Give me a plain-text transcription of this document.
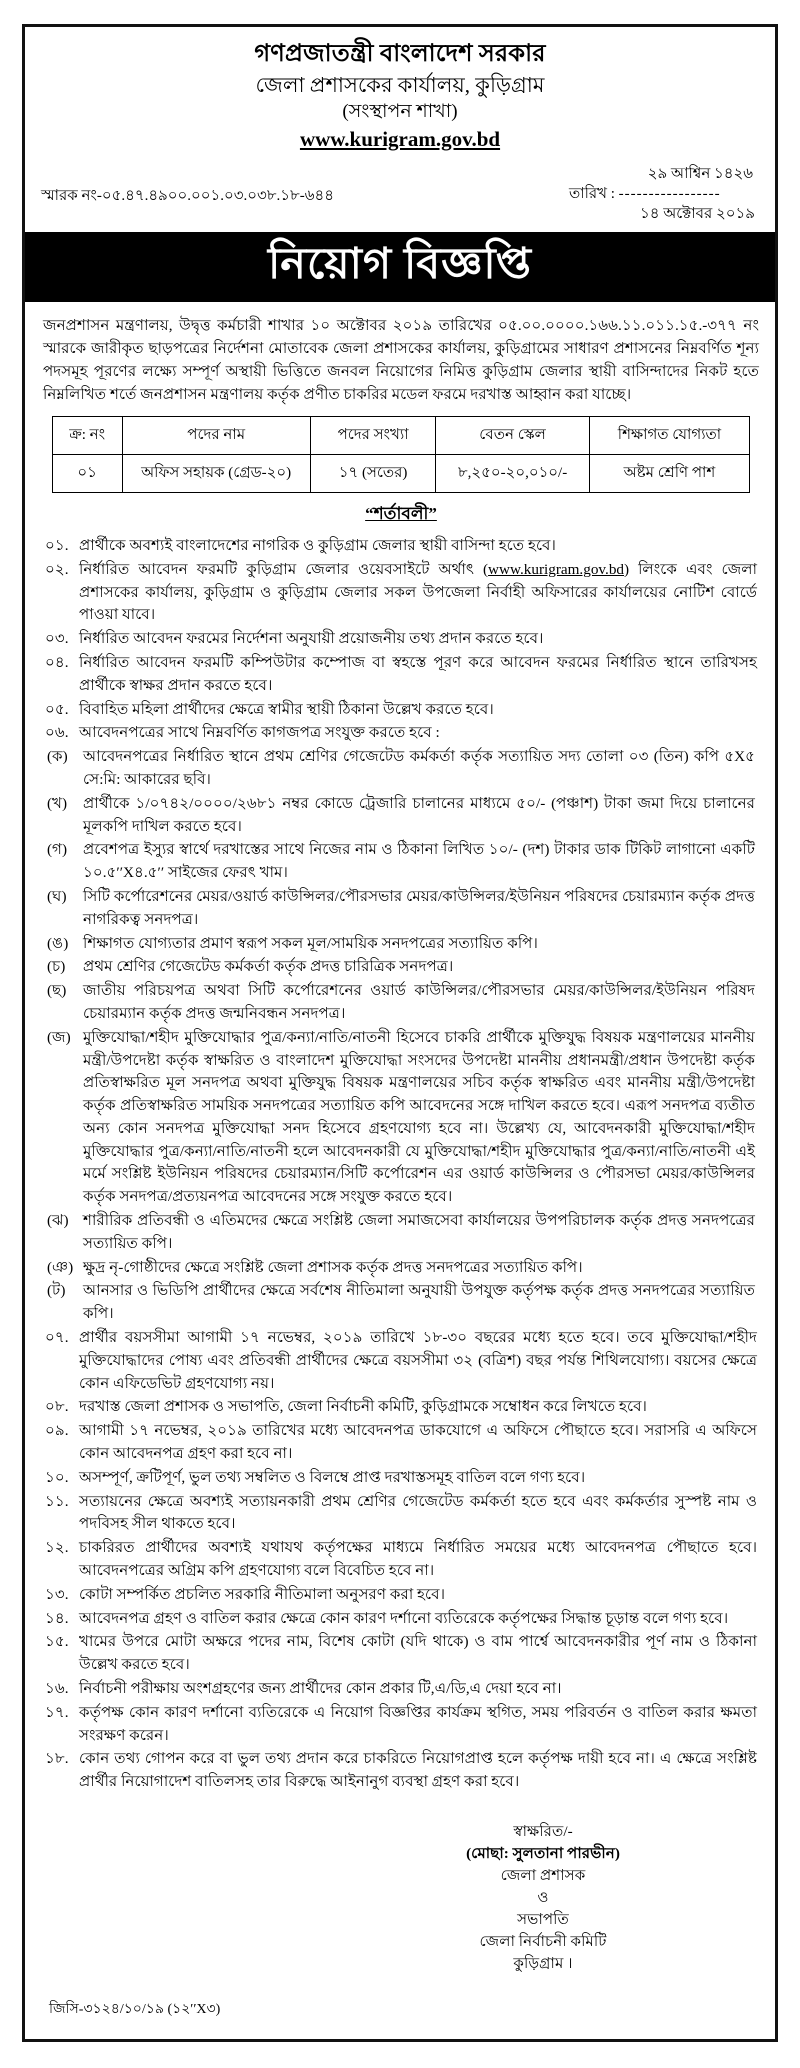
গণপ্রজাতন্ত্রী বাংলাদেশ সরকার
জেলা প্রশাসকের কার্যালয়, কুড়িগ্রাম
(সংস্থাপন শাখা)
www.kurigram.gov.bd
স্মারক নং-০৫.৪৭.৪৯০০.০০১.০৩.০৩৮.১৮-৬৪৪
২৯ আশ্বিন ১৪২৬
তারিখ : -----------------
১৪ অক্টোবর ২০১৯
নিয়োগ বিজ্ঞপ্তি

জনপ্রশাসন মন্ত্রণালয়, উদ্বৃত্ত কর্মচারী শাখার ১০ অক্টোবর ২০১৯ তারিখের ০৫.০০.০০০০.১৬৬.১১.০১১.১৫.-৩৭৭ নং স্মারকে জারীকৃত ছাড়পত্রের নির্দেশনা মোতাবেক জেলা প্রশাসকের কার্যালয়, কুড়িগ্রামের সাধারণ প্রশাসনের নিম্নবর্ণিত শূন্য পদসমূহ পূরণের লক্ষ্যে সম্পূর্ণ অস্থায়ী ভিত্তিতে জনবল নিয়োগের নিমিত্ত কুড়িগ্রাম জেলার স্থায়ী বাসিন্দাদের নিকট হতে নিম্নলিখিত শর্তে জনপ্রশাসন মন্ত্রণালয় কর্তৃক প্রণীত চাকরির মডেল ফরমে দরখাস্ত আহ্বান করা যাচ্ছে।

ক্র: নং	পদের নাম	পদের সংখ্যা	বেতন স্কেল	শিক্ষাগত যোগ্যতা
০১	অফিস সহায়ক (গ্রেড-২০)	১৭ (সতের)	৮,২৫০-২০,০১০/-	অষ্টম শ্রেণি পাশ
“শর্তাবলী”
০১. প্রার্থীকে অবশ্যই বাংলাদেশের নাগরিক ও কুড়িগ্রাম জেলার স্থায়ী বাসিন্দা হতে হবে।
০২. নির্ধারিত আবেদন ফরমটি কুড়িগ্রাম জেলার ওয়েবসাইটে অর্থাৎ (www.kurigram.gov.bd) লিংকে এবং জেলা প্রশাসকের কার্যালয়, কুড়িগ্রাম ও কুড়িগ্রাম জেলার সকল উপজেলা নির্বাহী অফিসারের কার্যালয়ের নোটিশ বোর্ডে পাওয়া যাবে।
০৩. নির্ধারিত আবেদন ফরমের নির্দেশনা অনুযায়ী প্রয়োজনীয় তথ্য প্রদান করতে হবে।
০৪. নির্ধারিত আবেদন ফরমটি কম্পিউটার কম্পোজ বা স্বহস্তে পূরণ করে আবেদন ফরমের নির্ধারিত স্থানে তারিখসহ প্রার্থীকে স্বাক্ষর প্রদান করতে হবে।
০৫. বিবাহিত মহিলা প্রার্থীদের ক্ষেত্রে স্বামীর স্থায়ী ঠিকানা উল্লেখ করতে হবে।
০৬. আবেদনপত্রের সাথে নিম্নবর্ণিত কাগজপত্র সংযুক্ত করতে হবে :
(ক)	আবেদনপত্রের নির্ধারিত স্থানে প্রথম শ্রেণির গেজেটেড কর্মকর্তা কর্তৃক সত্যায়িত সদ্য তোলা ০৩ (তিন) কপি ৫X৫ সে:মি: আকারের ছবি।
(খ)	প্রার্থীকে ১/০৭৪২/০০০০/২৬৮১ নম্বর কোডে ট্রেজারি চালানের মাধ্যমে ৫০/- (পঞ্চাশ) টাকা জমা দিয়ে চালানের মূলকপি দাখিল করতে হবে।
(গ)	প্রবেশপত্র ইস্যুর স্বার্থে দরখাস্তের সাথে নিজের নাম ও ঠিকানা লিখিত ১০/- (দশ) টাকার ডাক টিকিট লাগানো একটি ১০.৫′′X৪.৫′′ সাইজের ফেরৎ খাম।
(ঘ)	সিটি কর্পোরেশনের মেয়র/ওয়ার্ড কাউন্সিলর/পৌরসভার মেয়র/কাউন্সিলর/ইউনিয়ন পরিষদের চেয়ারম্যান কর্তৃক প্রদত্ত নাগরিকত্ব সনদপত্র।
(ঙ) শিক্ষাগত যোগ্যতার প্রমাণ স্বরূপ সকল মূল/সাময়িক সনদপত্রের সত্যায়িত কপি।
(চ)	প্রথম শ্রেণির গেজেটেড কর্মকর্তা কর্তৃক প্রদত্ত চারিত্রিক সনদপত্র।
(ছ)	জাতীয় পরিচয়পত্র অথবা সিটি কর্পোরেশনের ওয়ার্ড কাউন্সিলর/পৌরসভার মেয়র/কাউন্সিলর/ইউনিয়ন পরিষদ চেয়ারম্যান কর্তৃক প্রদত্ত জন্মনিবন্ধন সনদপত্র।
(জ) মুক্তিযোদ্ধা/শহীদ মুক্তিযোদ্ধার পুত্র/কন্যা/নাতি/নাতনী হিসেবে চাকরি প্রার্থীকে মুক্তিযুদ্ধ বিষয়ক মন্ত্রণালয়ের মাননীয় মন্ত্রী/উপদেষ্টা কর্তৃক স্বাক্ষরিত ও বাংলাদেশ মুক্তিযোদ্ধা সংসদের উপদেষ্টা মাননীয় প্রধানমন্ত্রী/প্রধান উপদেষ্টা কর্তৃক প্রতিস্বাক্ষরিত মূল সনদপত্র অথবা মুক্তিযুদ্ধ বিষয়ক মন্ত্রণালয়ের সচিব কর্তৃক স্বাক্ষরিত এবং মাননীয় মন্ত্রী/উপদেষ্টা কর্তৃক প্রতিস্বাক্ষরিত সাময়িক সনদপত্রের সত্যায়িত কপি আবেদনের সঙ্গে দাখিল করতে হবে। এরূপ সনদপত্র ব্যতীত অন্য কোন সনদপত্র মুক্তিযোদ্ধা সনদ হিসেবে গ্রহণযোগ্য হবে না। উল্লেখ্য যে, আবেদনকারী মুক্তিযোদ্ধা/শহীদ মুক্তিযোদ্ধার পুত্র/কন্যা/নাতি/নাতনী হলে আবেদনকারী যে মুক্তিযোদ্ধা/শহীদ মুক্তিযোদ্ধার পুত্র/কন্যা/নাতি/নাতনী এই মর্মে সংশ্লিষ্ট ইউনিয়ন পরিষদের চেয়ারম্যান/সিটি কর্পোরেশন এর ওয়ার্ড কাউন্সিলর ও পৌরসভা মেয়র/কাউন্সিলর কর্তৃক সনদপত্র/প্রত্যয়নপত্র আবেদনের সঙ্গে সংযুক্ত করতে হবে।
(ঝ) শারীরিক প্রতিবন্ধী ও এতিমদের ক্ষেত্রে সংশ্লিষ্ট জেলা সমাজসেবা কার্যালয়ের উপপরিচালক কর্তৃক প্রদত্ত সনদপত্রের সত্যায়িত কপি।
(ঞ) ক্ষুদ্র নৃ-গোষ্ঠীদের ক্ষেত্রে সংশ্লিষ্ট জেলা প্রশাসক কর্তৃক প্রদত্ত সনদপত্রের সত্যায়িত কপি।
(ট)	আনসার ও ভিডিপি প্রার্থীদের ক্ষেত্রে সর্বশেষ নীতিমালা অনুযায়ী উপযুক্ত কর্তৃপক্ষ কর্তৃক প্রদত্ত সনদপত্রের সত্যায়িত কপি।
০৭. প্রার্থীর বয়সসীমা আগামী ১৭ নভেম্বর, ২০১৯ তারিখে ১৮-৩০ বছরের মধ্যে হতে হবে। তবে মুক্তিযোদ্ধা/শহীদ মুক্তিযোদ্ধাদের পোষ্য এবং প্রতিবন্ধী প্রার্থীদের ক্ষেত্রে বয়সসীমা ৩২ (বত্রিশ) বছর পর্যন্ত শিথিলযোগ্য। বয়সের ক্ষেত্রে কোন এফিডেভিট গ্রহণযোগ্য নয়।
০৮. দরখাস্ত জেলা প্রশাসক ও সভাপতি, জেলা নির্বাচনী কমিটি, কুড়িগ্রামকে সম্বোধন করে লিখতে হবে।
০৯. আগামী ১৭ নভেম্বর, ২০১৯ তারিখের মধ্যে আবেদনপত্র ডাকযোগে এ অফিসে পৌছাতে হবে। সরাসরি এ অফিসে কোন আবেদনপত্র গ্রহণ করা হবে না।
১০. অসম্পূর্ণ, ক্রটিপূর্ণ, ভুল তথ্য সম্বলিত ও বিলম্বে প্রাপ্ত দরখাস্তসমূহ বাতিল বলে গণ্য হবে।
১১. সত্যায়নের ক্ষেত্রে অবশ্যই সত্যায়নকারী প্রথম শ্রেণির গেজেটেড কর্মকর্তা হতে হবে এবং কর্মকর্তার সুস্পষ্ট নাম ও পদবিসহ সীল থাকতে হবে।
১২. চাকরিরত প্রার্থীদের অবশ্যই যথাযথ কর্তৃপক্ষের মাধ্যমে নির্ধারিত সময়ের মধ্যে আবেদনপত্র পৌছাতে হবে। আবেদনপত্রের অগ্রিম কপি গ্রহণযোগ্য বলে বিবেচিত হবে না।
১৩. কোটা সম্পর্কিত প্রচলিত সরকারি নীতিমালা অনুসরণ করা হবে।
১৪. আবেদনপত্র গ্রহণ ও বাতিল করার ক্ষেত্রে কোন কারণ দর্শানো ব্যতিরেকে কর্তৃপক্ষের সিদ্ধান্ত চূড়ান্ত বলে গণ্য হবে।
১৫. খামের উপরে মোটা অক্ষরে পদের নাম, বিশেষ কোটা (যদি থাকে) ও বাম পার্শ্বে আবেদনকারীর পূর্ণ নাম ও ঠিকানা উল্লেখ করতে হবে।
১৬. নির্বাচনী পরীক্ষায় অংশগ্রহণের জন্য প্রার্থীদের কোন প্রকার টি,এ/ডি,এ দেয়া হবে না।
১৭. কর্তৃপক্ষ কোন কারণ দর্শানো ব্যতিরেকে এ নিয়োগ বিজ্ঞপ্তির কার্যক্রম স্থগিত, সময় পরিবর্তন ও বাতিল করার ক্ষমতা সংরক্ষণ করেন।
১৮. কোন তথ্য গোপন করে বা ভুল তথ্য প্রদান করে চাকরিতে নিয়োগপ্রাপ্ত হলে কর্তৃপক্ষ দায়ী হবে না। এ ক্ষেত্রে সংশ্লিষ্ট প্রার্থীর নিয়োগাদেশ বাতিলসহ তার বিরুদ্ধে আইনানুগ ব্যবস্থা গ্রহণ করা হবে।
স্বাক্ষরিত/-
(মোছা: সুলতানা পারভীন)
জেলা প্রশাসক
ও
সভাপতি
জেলা নির্বাচনী কমিটি
কুড়িগ্রাম ।
জিসি-৩১২৪/১০/১৯ (১২′′X৩)
